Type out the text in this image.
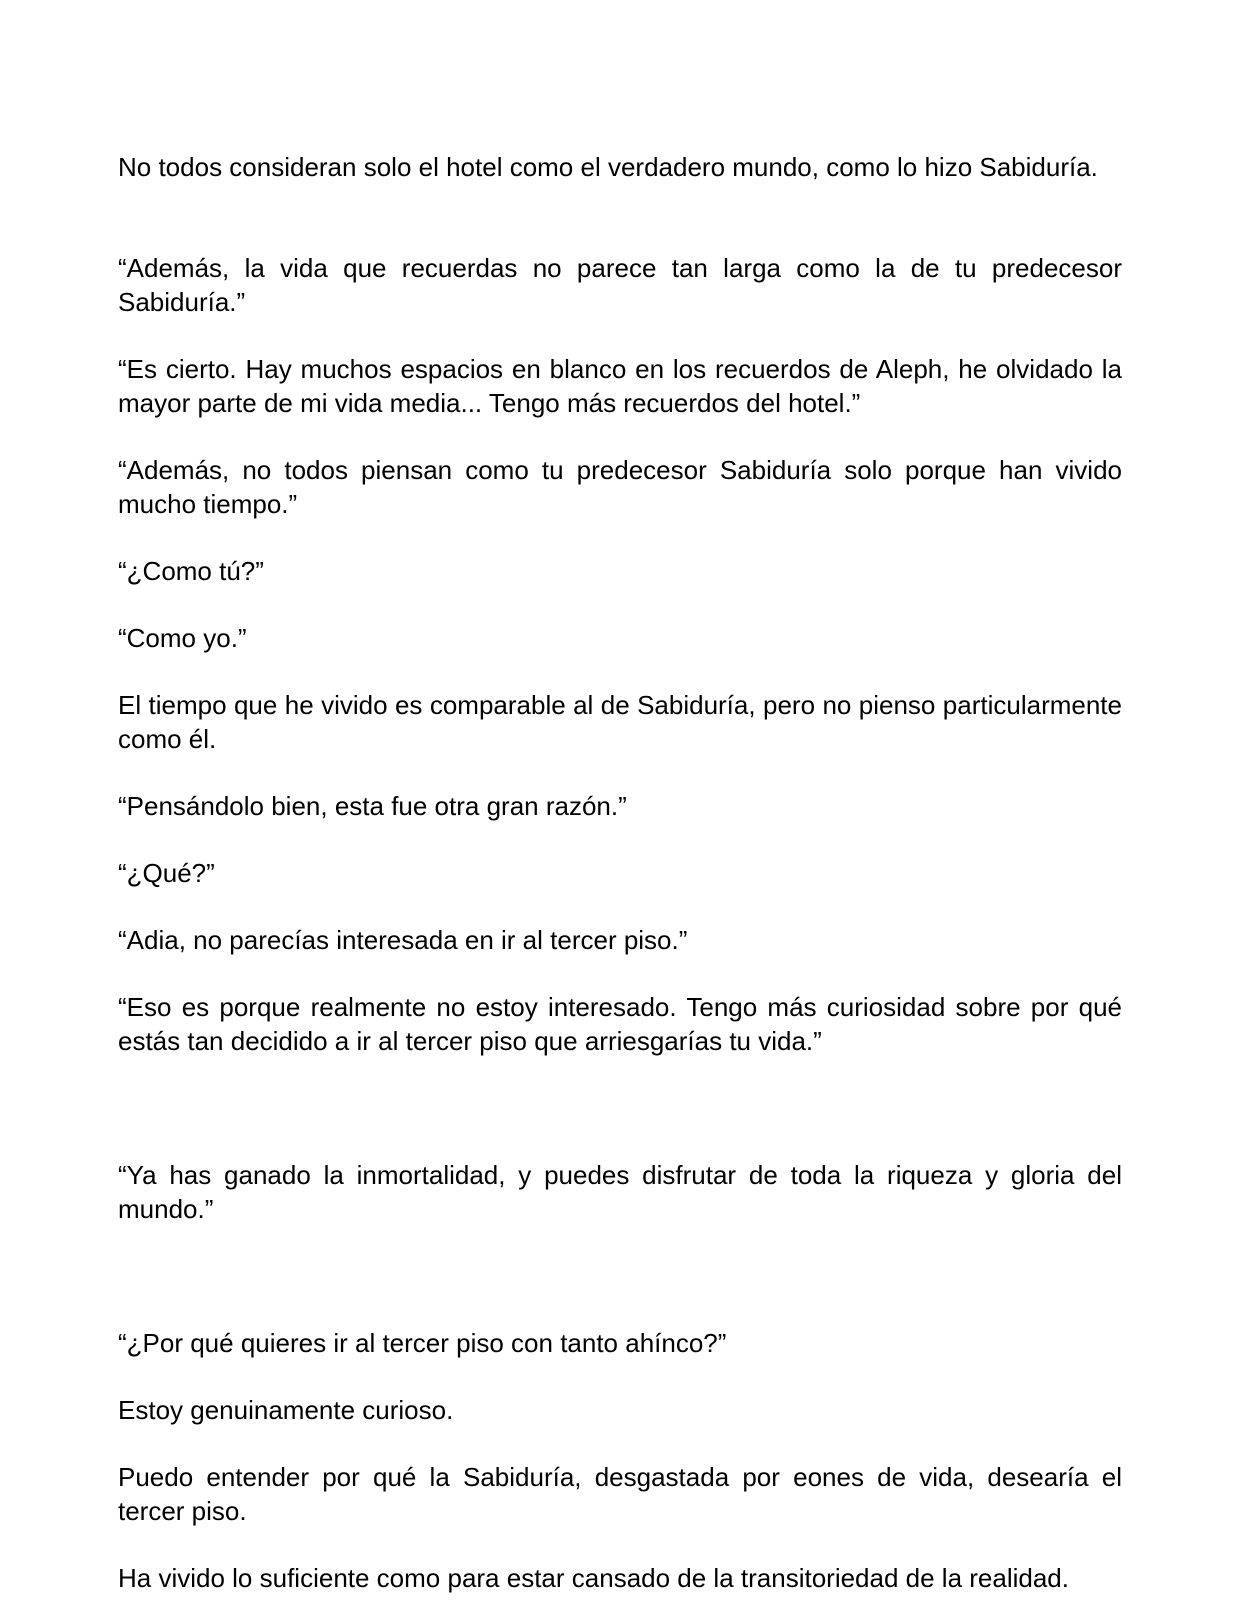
No todos consideran solo el hotel como el verdadero mundo, como lo hizo Sabiduría.

“Además, la vida que recuerdas no parece tan larga como la de tu predecesor Sabiduría.”

“Es cierto. Hay muchos espacios en blanco en los recuerdos de Aleph, he olvidado la mayor parte de mi vida media... Tengo más recuerdos del hotel.”

“Además, no todos piensan como tu predecesor Sabiduría solo porque han vivido mucho tiempo.”

“¿Como tú?”

“Como yo.”

El tiempo que he vivido es comparable al de Sabiduría, pero no pienso particularmente como él.

“Pensándolo bien, esta fue otra gran razón.”

“¿Qué?”

“Adia, no parecías interesada en ir al tercer piso.”

“Eso es porque realmente no estoy interesado. Tengo más curiosidad sobre por qué estás tan decidido a ir al tercer piso que arriesgarías tu vida.”

“Ya has ganado la inmortalidad, y puedes disfrutar de toda la riqueza y gloria del mundo.”

“¿Por qué quieres ir al tercer piso con tanto ahínco?”

Estoy genuinamente curioso.

Puedo entender por qué la Sabiduría, desgastada por eones de vida, desearía el tercer piso.

Ha vivido lo suficiente como para estar cansado de la transitoriedad de la realidad.
